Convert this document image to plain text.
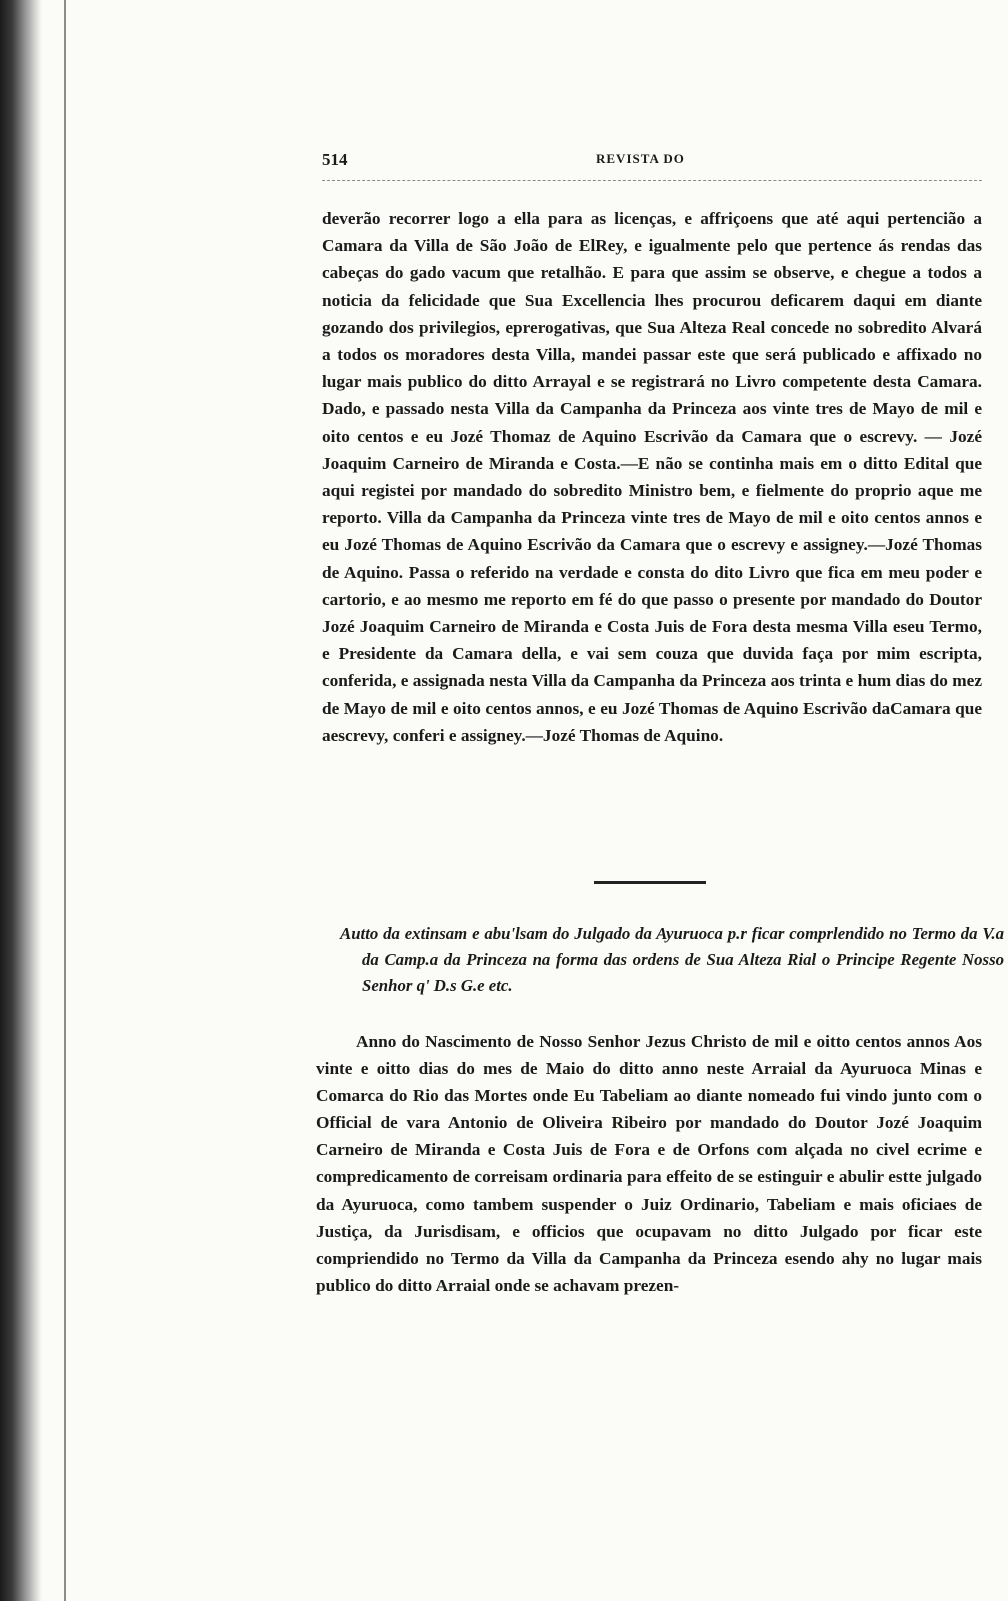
514	REVISTA DO

deverão recorrer logo a ella para as licenças, e affriçoens que até aqui pertencião a Camara da Villa de São João de ElRey, e igualmente pelo que pertence ás rendas das cabeças do gado vacum que retalhão. E para que assim se observe, e chegue a todos a noticia da felicidade que Sua Excellencia lhes procurou deficarem daqui em diante gozando dos privilegios, eprerogativas, que Sua Alteza Real concede no sobredito Alvará a todos os moradores desta Villa, mandei passar este que será publicado e affixado no lugar mais publico do ditto Arrayal e se registrará no Livro competente desta Camara. Dado, e passado nesta Villa da Campanha da Princeza aos vinte tres de Mayo de mil e oito centos e eu Jozé Thomaz de Aquino Escrivão da Camara que o escrevy. — Jozé Joaquim Carneiro de Miranda e Costa.—E não se continha mais em o ditto Edital que aqui registei por mandado do sobredito Ministro bem, e fielmente do proprio aque me reporto. Villa da Campanha da Princeza vinte tres de Mayo de mil e oito centos annos e eu Jozé Thomas de Aquino Escrivão da Camara que o escrevy e assigney.—Jozé Thomas de Aquino. Passa o referido na verdade e consta do dito Livro que fica em meu poder e cartorio, e ao mesmo me reporto em fé do que passo o presente por mandado do Doutor Jozé Joaquim Carneiro de Miranda e Costa Juis de Fora desta mesma Villa eseu Termo, e Presidente da Camara della, e vai sem couza que duvida faça por mim escripta, conferida, e assignada nesta Villa da Campanha da Princeza aos trinta e hum dias do mez de Mayo de mil e oito centos annos, e eu Jozé Thomas de Aquino Escrivão daCamara que aescrevy, conferi e assigney.—Jozé Thomas de Aquino.

Autto da extinsam e abu'lsam do Julgado da Ayuruoca p.r ficar comprlendido no Termo da V.a da Camp.a da Princeza na forma das ordens de Sua Alteza Rial o Principe Regente Nosso Senhor q' D.s G.e etc.

Anno do Nascimento de Nosso Senhor Jezus Christo de mil e oitto centos annos Aos vinte e oitto dias do mes de Maio do ditto anno neste Arraial da Ayuruoca Minas e Comarca do Rio das Mortes onde Eu Tabeliam ao diante nomeado fui vindo junto com o Official de vara Antonio de Oliveira Ribeiro por mandado do Doutor Jozé Joaquim Carneiro de Miranda e Costa Juis de Fora e de Orfons com alçada no civel ecrime e compredicamento de correisam ordinaria para effeito de se estinguir e abulir estte julgado da Ayuruoca, como tambem suspender o Juiz Ordinario, Tabeliam e mais oficiaes de Justiça, da Jurisdisam, e officios que ocupavam no ditto Julgado por ficar este compriendido no Termo da Villa da Campanha da Princeza esendo ahy no lugar mais publico do ditto Arraial onde se achavam prezen-
